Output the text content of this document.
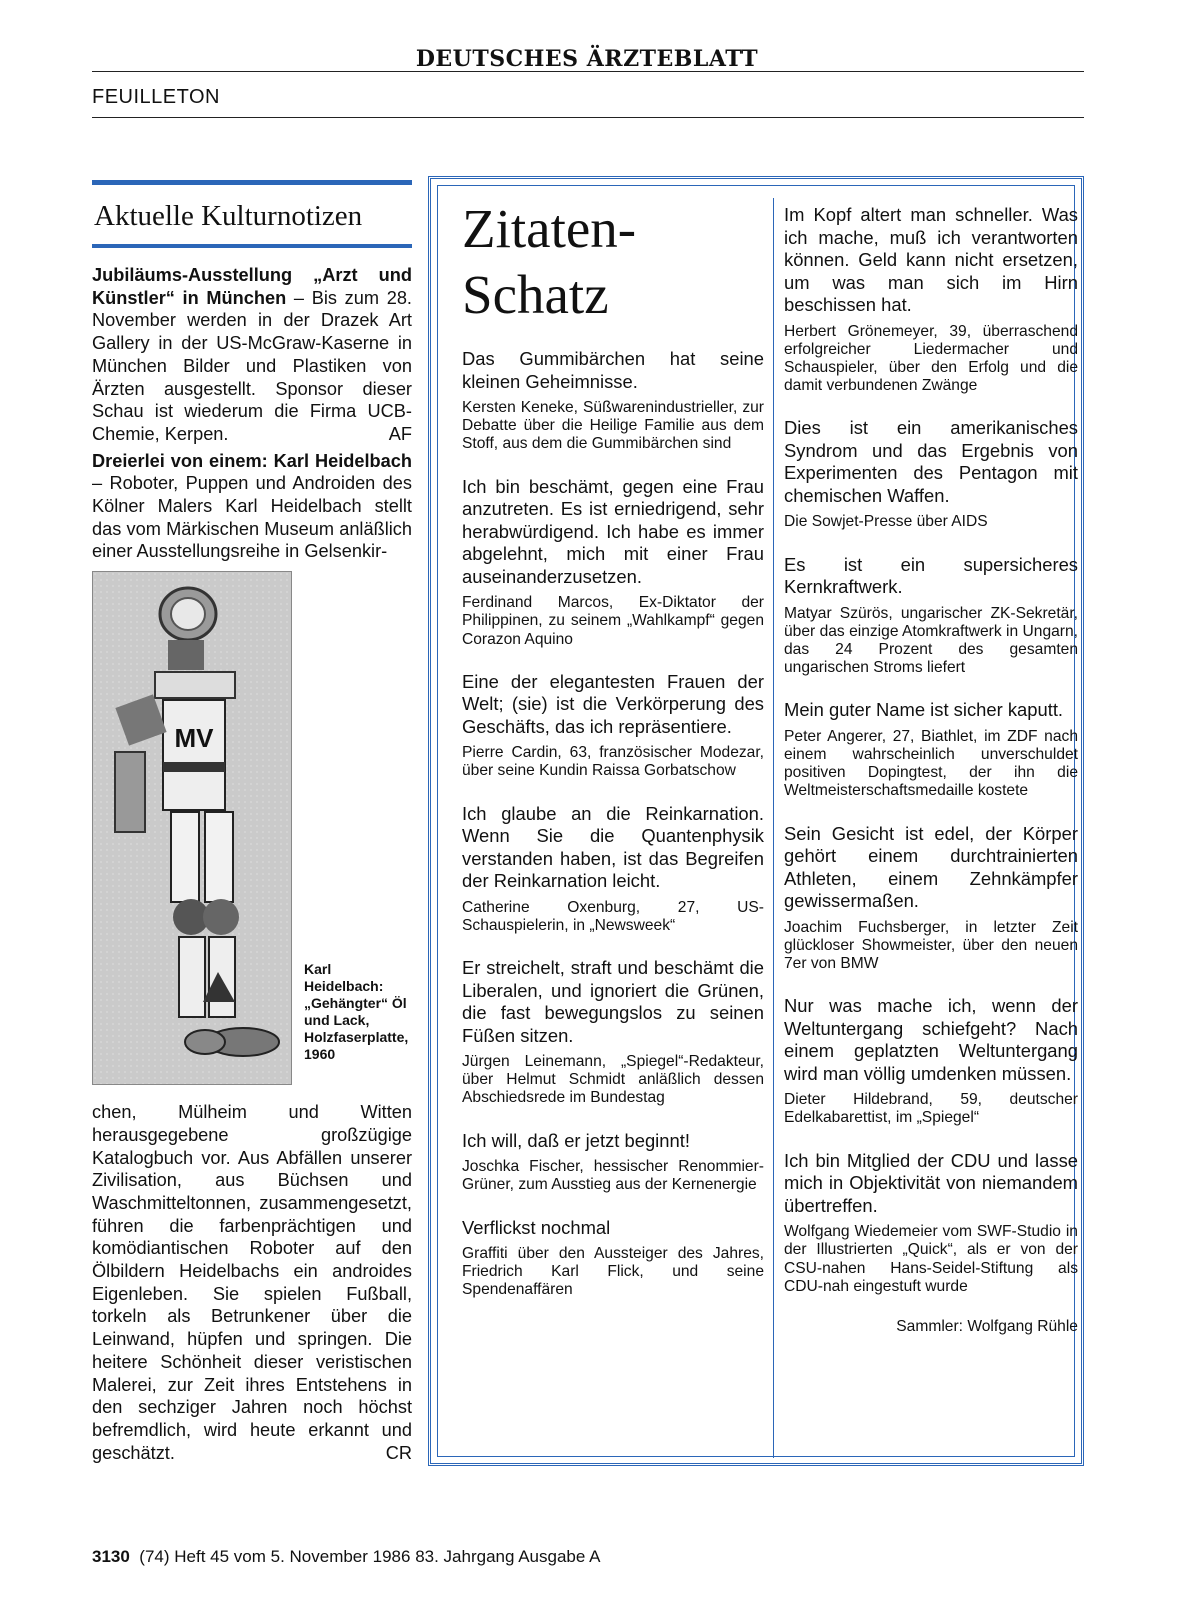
DEUTSCHES ÄRZTEBLATT
FEUILLETON
Aktuelle Kulturnotizen

Jubiläums-Ausstellung „Arzt und Künstler“ in München – Bis zum 28. November werden in der Drazek Art Gallery in der US-McGraw-Kaserne in München Bilder und Plastiken von Ärzten ausgestellt. Sponsor dieser Schau ist wiederum die Firma UCB-Chemie, Kerpen.	AF

Dreierlei von einem: Karl Heidelbach – Roboter, Puppen und Androiden des Kölner Malers Karl Heidelbach stellt das vom Märkischen Museum anläßlich einer Ausstellungsreihe in Gelsenkir-

MV
Karl Heidelbach: „Gehängter“ Öl und Lack, Holzfaserplatte, 1960

chen, Mülheim und Witten herausgegebene großzügige Katalogbuch vor. Aus Abfällen unserer Zivilisation, aus Büchsen und Waschmitteltonnen, zusammengesetzt, führen die farbenprächtigen und komödiantischen Roboter auf den Ölbildern Heidelbachs ein androides Eigenleben. Sie spielen Fußball, torkeln als Betrunkener über die Leinwand, hüpfen und springen. Die heitere Schönheit dieser veristischen Malerei, zur Zeit ihres Entstehens in den sechziger Jahren noch höchst befremdlich, wird heute erkannt und geschätzt.	CR

Zitaten-Schatz

Das Gummibärchen hat seine kleinen Geheimnisse.

Kersten Keneke, Süßwarenindustrieller, zur Debatte über die Heilige Familie aus dem Stoff, aus dem die Gummibärchen sind

Ich bin beschämt, gegen eine Frau anzutreten. Es ist erniedrigend, sehr herabwürdigend. Ich habe es immer abgelehnt, mich mit einer Frau auseinanderzusetzen.

Ferdinand Marcos, Ex-Diktator der Philippinen, zu seinem „Wahlkampf“ gegen Corazon Aquino

Eine der elegantesten Frauen der Welt; (sie) ist die Verkörperung des Geschäfts, das ich repräsentiere.

Pierre Cardin, 63, französischer Modezar, über seine Kundin Raissa Gorbatschow

Ich glaube an die Reinkarnation. Wenn Sie die Quantenphysik verstanden haben, ist das Begreifen der Reinkarnation leicht.

Catherine Oxenburg, 27, US-Schauspielerin, in „Newsweek“

Er streichelt, straft und beschämt die Liberalen, und ignoriert die Grünen, die fast bewegungslos zu seinen Füßen sitzen.

Jürgen Leinemann, „Spiegel“-Redakteur, über Helmut Schmidt anläßlich dessen Abschiedsrede im Bundestag

Ich will, daß er jetzt beginnt!

Joschka Fischer, hessischer Renommier-Grüner, zum Ausstieg aus der Kernenergie

Verflickst nochmal

Graffiti über den Aussteiger des Jahres, Friedrich Karl Flick, und seine Spendenaffären

Im Kopf altert man schneller. Was ich mache, muß ich verantworten können. Geld kann nicht ersetzen, um was man sich im Hirn beschissen hat.

Herbert Grönemeyer, 39, überraschend erfolgreicher Liedermacher und Schauspieler, über den Erfolg und die damit verbundenen Zwänge

Dies ist ein amerikanisches Syndrom und das Ergebnis von Experimenten des Pentagon mit chemischen Waffen.

Die Sowjet-Presse über AIDS

Es ist ein supersicheres Kernkraftwerk.

Matyar Szürös, ungarischer ZK-Sekretär, über das einzige Atomkraftwerk in Ungarn, das 24 Prozent des gesamten ungarischen Stroms liefert

Mein guter Name ist sicher kaputt.

Peter Angerer, 27, Biathlet, im ZDF nach einem wahrscheinlich unverschuldet positiven Dopingtest, der ihn die Weltmeisterschaftsmedaille kostete

Sein Gesicht ist edel, der Körper gehört einem durchtrainierten Athleten, einem Zehnkämpfer gewissermaßen.

Joachim Fuchsberger, in letzter Zeit glückloser Showmeister, über den neuen 7er von BMW

Nur was mache ich, wenn der Weltuntergang schiefgeht? Nach einem geplatzten Weltuntergang wird man völlig umdenken müssen.

Dieter Hildebrand, 59, deutscher Edelkabarettist, im „Spiegel“

Ich bin Mitglied der CDU und lasse mich in Objektivität von niemandem übertreffen.

Wolfgang Wiedemeier vom SWF-Studio in der Illustrierten „Quick“, als er von der CSU-nahen Hans-Seidel-Stiftung als CDU-nah eingestuft wurde

Sammler: Wolfgang Rühle
3130 (74) Heft 45 vom 5. November 1986 83. Jahrgang Ausgabe A
